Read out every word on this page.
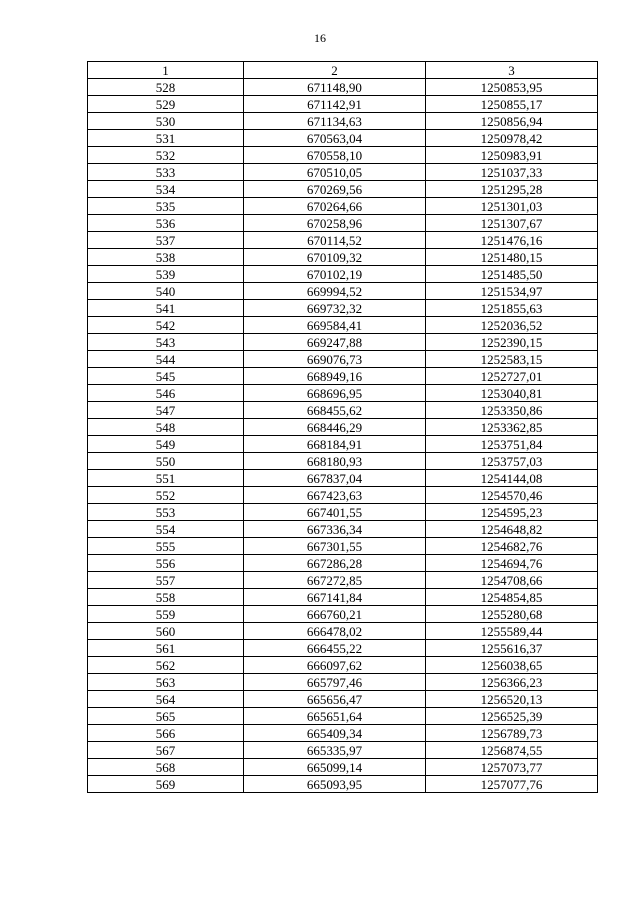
16
1	2	3
528	671148,90	1250853,95
529	671142,91	1250855,17
530	671134,63	1250856,94
531	670563,04	1250978,42
532	670558,10	1250983,91
533	670510,05	1251037,33
534	670269,56	1251295,28
535	670264,66	1251301,03
536	670258,96	1251307,67
537	670114,52	1251476,16
538	670109,32	1251480,15
539	670102,19	1251485,50
540	669994,52	1251534,97
541	669732,32	1251855,63
542	669584,41	1252036,52
543	669247,88	1252390,15
544	669076,73	1252583,15
545	668949,16	1252727,01
546	668696,95	1253040,81
547	668455,62	1253350,86
548	668446,29	1253362,85
549	668184,91	1253751,84
550	668180,93	1253757,03
551	667837,04	1254144,08
552	667423,63	1254570,46
553	667401,55	1254595,23
554	667336,34	1254648,82
555	667301,55	1254682,76
556	667286,28	1254694,76
557	667272,85	1254708,66
558	667141,84	1254854,85
559	666760,21	1255280,68
560	666478,02	1255589,44
561	666455,22	1255616,37
562	666097,62	1256038,65
563	665797,46	1256366,23
564	665656,47	1256520,13
565	665651,64	1256525,39
566	665409,34	1256789,73
567	665335,97	1256874,55
568	665099,14	1257073,77
569	665093,95	1257077,76
